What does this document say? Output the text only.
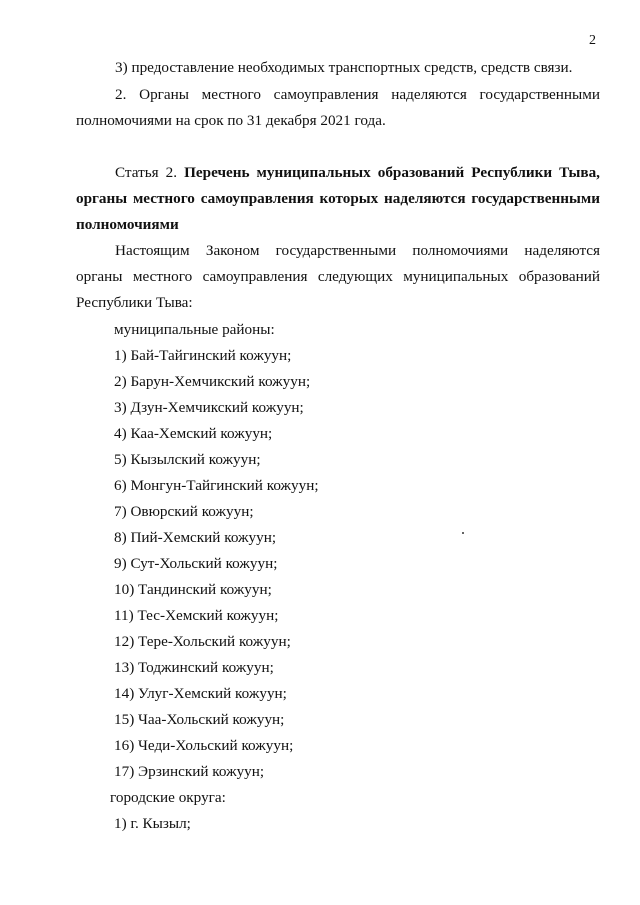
2
3) предоставление необходимых транспортных средств, средств связи.
2. Органы местного самоуправления наделяются государственными полномочиями на срок по 31 декабря 2021 года.
Статья 2. Перечень муниципальных образований Республики Тыва, органы местного самоуправления которых наделяются государственными полномочиями
Настоящим Законом государственными полномочиями наделяются органы местного самоуправления следующих муниципальных образований Республики Тыва:
муниципальные районы:
1) Бай-Тайгинский кожуун;
2) Барун-Хемчикский кожуун;
3) Дзун-Хемчикский кожуун;
4) Каа-Хемский кожуун;
5) Кызылский кожуун;
6) Монгун-Тайгинский кожуун;
7) Овюрский кожуун;
8) Пий-Хемский кожуун;
9) Сут-Хольский кожуун;
10) Тандинский кожуун;
11) Тес-Хемский кожуун;
12) Тере-Хольский кожуун;
13) Тоджинский кожуун;
14) Улуг-Хемский кожуун;
15) Чаа-Хольский кожуун;
16) Чеди-Хольский кожуун;
17) Эрзинский кожуун;
городские округа:
1) г. Кызыл;
